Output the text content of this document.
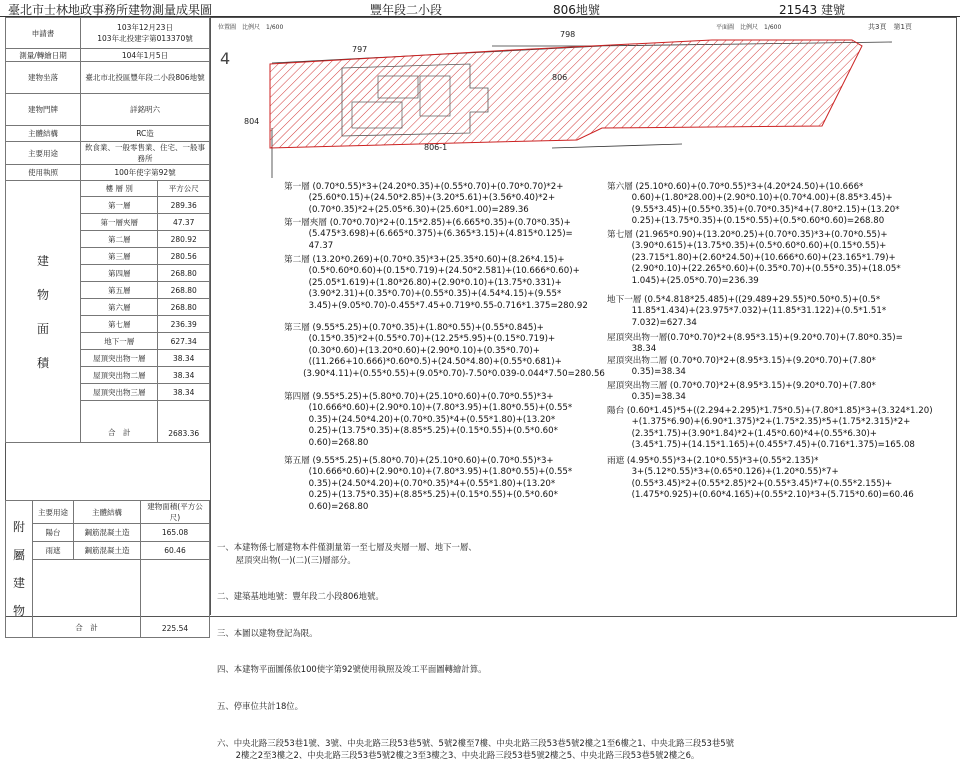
臺北市士林地政事務所建物測量成果圖	豐年段二小段	806地號	21543 建號
申請書	103年12月23日
103年北投建字第013370號	

測量/轉繪日期	104年1月5日	
建物坐落	臺北市北投區豐年段二小段806地號	
建物門牌	詳銘明六	
主體結構	RC造	
主要用途	飲食業、一般零售業、住宅、一般事務所	
使用執照	100年使字第92號	

建
物
面
積	樓 層 別	平方公尺
	第一層	289.36
	第一層夾層	47.37
	第二層	280.92
	第三層	280.56
	第四層	268.80
	第五層	268.80
	第六層	268.80
	第七層	236.39
	地下一層	627.34
	屋頂突出物一層	38.34
	屋頂突出物二層	38.34
	屋頂突出物三層	38.34
	合　計	2683.36
附
屬
建
物	主要用途	主體結構	建物面積(平方公尺)
	陽台	鋼筋混凝土造	165.08
	雨遮	鋼筋混凝土造	60.46
	合　計		225.54
位置圖　比例尺　1/600	平面圖　比例尺　1/600	共3頁　第1頁
4	797
798
806
804
806-1
第一層 (0.70*0.55)*3+(24.20*0.35)+(0.55*0.70)+(0.70*0.70)*2+
(25.60*0.15)+(24.50*2.85)+(3.20*5.61)+(3.56*0.40)*2+
(0.70*0.35)*2+(25.05*6.30)+(25.60*1.00)=289.36
第一層夾層 (0.70*0.70)*2+(0.15*2.85)+(6.665*0.35)+(0.70*0.35)+
(5.475*3.698)+(6.665*0.375)+(6.365*3.15)+(4.815*0.125)=
47.37
第二層 (13.20*0.269)+(0.70*0.35)*3+(25.35*0.60)+(8.26*4.15)+
(0.5*0.60*0.60)+(0.15*0.719)+(24.50*2.581)+(10.666*0.60)+
(25.05*1.619)+(1.80*26.80)+(2.90*0.10)+(13.75*0.331)+
(3.90*2.31)+(0.35*0.70)+(0.55*0.35)+(4.54*4.15)+(9.55*
3.45)+(9.05*0.70)-0.455*7.45+0.719*0.55-0.716*1.375=280.92
第三層 (9.55*5.25)+(0.70*0.35)+(1.80*0.55)+(0.55*0.845)+
(0.15*0.35)*2+(0.55*0.70)+(12.25*5.95)+(0.15*0.719)+
(0.30*0.60)+(13.20*0.60)+(2.90*0.10)+(0.35*0.70)+
((11.266+10.666)*0.60*0.5)+(24.50*4.80)+(0.55*0.681)+
(3.90*4.11)+(0.55*0.55)+(9.05*0.70)-7.50*0.039-0.044*7.50=280.56
第四層 (9.55*5.25)+(5.80*0.70)+(25.10*0.60)+(0.70*0.55)*3+
(10.666*0.60)+(2.90*0.10)+(7.80*3.95)+(1.80*0.55)+(0.55*
0.35)+(24.50*4.20)+(0.70*0.35)*4+(0.55*1.80)+(13.20*
0.25)+(13.75*0.35)+(8.85*5.25)+(0.15*0.55)+(0.5*0.60*
0.60)=268.80
第五層 (9.55*5.25)+(5.80*0.70)+(25.10*0.60)+(0.70*0.55)*3+
(10.666*0.60)+(2.90*0.10)+(7.80*3.95)+(1.80*0.55)+(0.55*
0.35)+(24.50*4.20)+(0.70*0.35)*4+(0.55*1.80)+(13.20*
0.25)+(13.75*0.35)+(8.85*5.25)+(0.15*0.55)+(0.5*0.60*
0.60)=268.80
第六層 (25.10*0.60)+(0.70*0.55)*3+(4.20*24.50)+(10.666*
0.60)+(1.80*28.00)+(2.90*0.10)+(0.70*4.00)+(8.85*3.45)+
(9.55*3.45)+(0.55*0.35)+(0.70*0.35)*4+(7.80*2.15)+(13.20*
0.25)+(13.75*0.35)+(0.15*0.55)+(0.5*0.60*0.60)=268.80
第七層 (21.965*0.90)+(13.20*0.25)+(0.70*0.35)*3+(0.70*0.55)+
(3.90*0.615)+(13.75*0.35)+(0.5*0.60*0.60)+(0.15*0.55)+
(23.715*1.80)+(2.60*24.50)+(10.666*0.60)+(23.165*1.79)+
(2.90*0.10)+(22.265*0.60)+(0.35*0.70)+(0.55*0.35)+(18.05*
1.045)+(25.05*0.70)=236.39
地下一層 (0.5*4.818*25.485)+((29.489+29.55)*0.50*0.5)+(0.5*
11.85*1.434)+(23.975*7.032)+(11.85*31.122)+(0.5*1.51*
7.032)=627.34
屋頂突出物一層(0.70*0.70)*2+(8.95*3.15)+(9.20*0.70)+(7.80*0.35)=
38.34
屋頂突出物二層 (0.70*0.70)*2+(8.95*3.15)+(9.20*0.70)+(7.80*
0.35)=38.34
屋頂突出物三層 (0.70*0.70)*2+(8.95*3.15)+(9.20*0.70)+(7.80*
0.35)=38.34
陽台 (0.60*1.45)*5+((2.294+2.295)*1.75*0.5)+(7.80*1.85)*3+(3.324*1.20)
+(1.375*6.90)+(6.90*1.375)*2+(1.75*2.35)*5+(1.75*2.315)*2+
(2.35*1.75)+(3.90*1.84)*2+(1.45*0.60)*4+(0.55*6.30)+
(3.45*1.75)+(14.15*1.165)+(0.455*7.45)+(0.716*1.375)=165.08
雨遮 (4.95*0.55)*3+(2.10*0.55)*3+(0.55*2.135)*
3+(5.12*0.55)*3+(0.65*0.126)+(1.20*0.55)*7+
(0.55*3.45)*2+(0.55*2.85)*2+(0.55*3.45)*7+(0.55*2.155)+
(1.475*0.925)+(0.60*4.165)+(0.55*2.10)*3+(5.715*0.60)=60.46

一、本建物係七層建物本件僅測量第一至七層及夾層一層、地下一層、
屋頂突出物(一)(二)(三)層部分。

二、建築基地地號：豐年段二小段806地號。

三、本圖以建物登記為限。

四、本建物平面圖係依100使字第92號使用執照及竣工平面圖轉繪計算。

五、停車位共計18位。

六、中央北路三段53巷1號、3號、中央北路三段53巷5號、5號2樓至7樓、中央北路三段53巷5號2樓之1至6樓之1、中央北路三段53巷5號
2樓之2至3樓之2、中央北路三段53巷5號2樓之3至3樓之3、中央北路三段53巷5號2樓之5、中央北路三段53巷5號2樓之6。
